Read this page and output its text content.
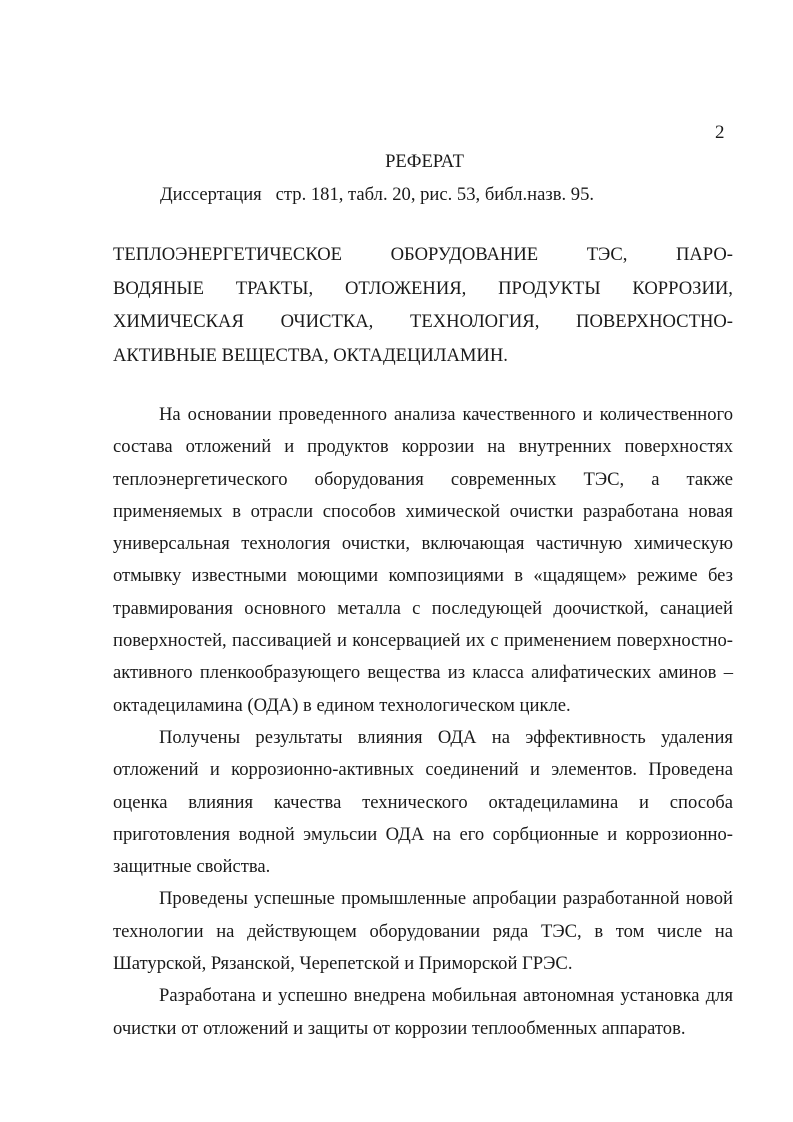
2
РЕФЕРАТ
Диссертация   стр. 181, табл. 20, рис. 53, библ.назв. 95.
ТЕПЛОЭНЕРГЕТИЧЕСКОЕ	ОБОРУДОВАНИЕ	ТЭС,	ПАРО-
ВОДЯНЫЕ ТРАКТЫ, ОТЛОЖЕНИЯ, ПРОДУКТЫ КОРРОЗИИ,
ХИМИЧЕСКАЯ ОЧИСТКА, ТЕХНОЛОГИЯ, ПОВЕРХНОСТНО-
АКТИВНЫЕ ВЕЩЕСТВА, ОКТАДЕЦИЛАМИН.
На основании проведенного анализа качественного и количественного
состава отложений и продуктов коррозии на внутренних поверхностях
теплоэнергетического оборудования современных ТЭС, а также
применяемых в отрасли способов химической очистки разработана новая
универсальная технология очистки, включающая частичную химическую
отмывку известными моющими композициями в «щадящем» режиме без
травмирования основного металла с последующей доочисткой, санацией
поверхностей, пассивацией и консервацией их с применением поверхностно-
активного пленкообразующего вещества из класса алифатических аминов –
октадециламина (ОДА) в едином технологическом цикле.
Получены результаты влияния ОДА на эффективность удаления
отложений и коррозионно-активных соединений и элементов. Проведена
оценка влияния качества технического октадециламина и способа
приготовления водной эмульсии ОДА на его сорбционные и коррозионно-
защитные свойства.
Проведены успешные промышленные апробации разработанной новой
технологии на действующем оборудовании ряда ТЭС, в том числе на
Шатурской, Рязанской, Черепетской и Приморской ГРЭС.
Разработана и успешно внедрена мобильная автономная установка для
очистки от отложений и защиты от коррозии теплообменных аппаратов.
